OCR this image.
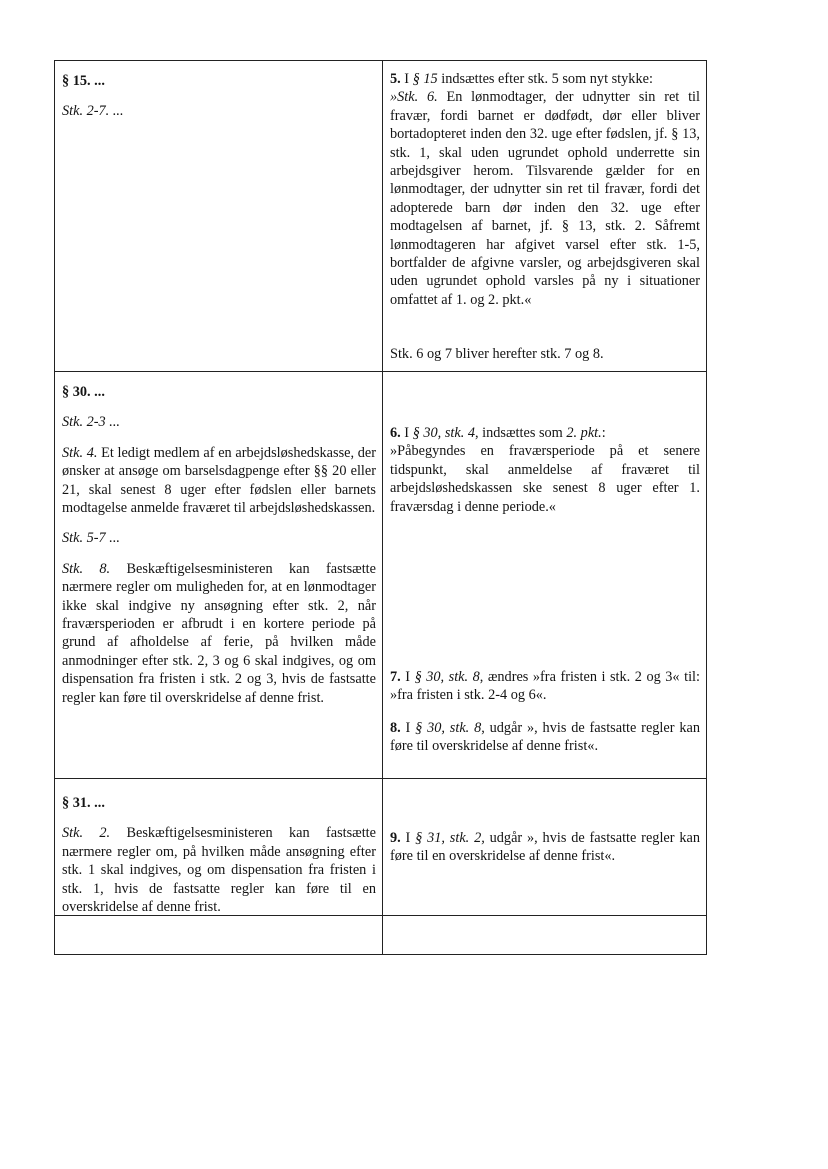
§ 15. ...

Stk. 2-7. ...

5. I § 15 indsættes efter stk. 5 som nyt stykke:

»Stk. 6. En lønmodtager, der udnytter sin ret til fravær, fordi barnet er dødfødt, dør eller bliver bortadopteret inden den 32. uge efter fødslen, jf. § 13, stk. 1, skal uden ugrundet ophold underrette sin arbejdsgiver herom. Tilsvarende gælder for en lønmodtager, der udnytter sin ret til fravær, fordi det adopterede barn dør inden den 32. uge efter modtagelsen af barnet, jf. § 13, stk. 2. Såfremt lønmodtageren har afgivet varsel efter stk. 1-5, bortfalder de afgivne varsler, og arbejdsgiveren skal uden ugrundet ophold varsles på ny i situationer omfattet af 1. og 2. pkt.«

Stk. 6 og 7 bliver herefter stk. 7 og 8.

§ 30. ...

Stk. 2-3 ...

Stk. 4. Et ledigt medlem af en arbejdsløshedskasse, der ønsker at ansøge om barselsdagpenge efter §§ 20 eller 21, skal senest 8 uger efter fødslen eller barnets modtagelse anmelde fraværet til arbejdsløshedskassen.

Stk. 5-7 ...

Stk. 8. Beskæftigelsesministeren kan fastsætte nærmere regler om muligheden for, at en lønmodtager ikke skal indgive ny ansøgning efter stk. 2, når fraværsperioden er afbrudt i en kortere periode på grund af afholdelse af ferie, på hvilken måde anmodninger efter stk. 2, 3 og 6 skal indgives, og om dispensation fra fristen i stk. 2 og 3, hvis de fastsatte regler kan føre til overskridelse af denne frist.

6. I § 30, stk. 4, indsættes som 2. pkt.:

»Påbegyndes en fraværsperiode på et senere tidspunkt, skal anmeldelse af fraværet til arbejdsløshedskassen ske senest 8 uger efter 1. fraværsdag i denne periode.«

7. I § 30, stk. 8, ændres »fra fristen i stk. 2 og 3« til: »fra fristen i stk. 2-4 og 6«.

8. I § 30, stk. 8, udgår », hvis de fastsatte regler kan føre til overskridelse af denne frist«.

§ 31. ...

Stk. 2. Beskæftigelsesministeren kan fastsætte nærmere regler om, på hvilken måde ansøgning efter stk. 1 skal indgives, og om dispensation fra fristen i stk. 1, hvis de fastsatte regler kan føre til en overskridelse af denne frist.

9. I § 31, stk. 2, udgår », hvis de fastsatte regler kan føre til en overskridelse af denne frist«.
